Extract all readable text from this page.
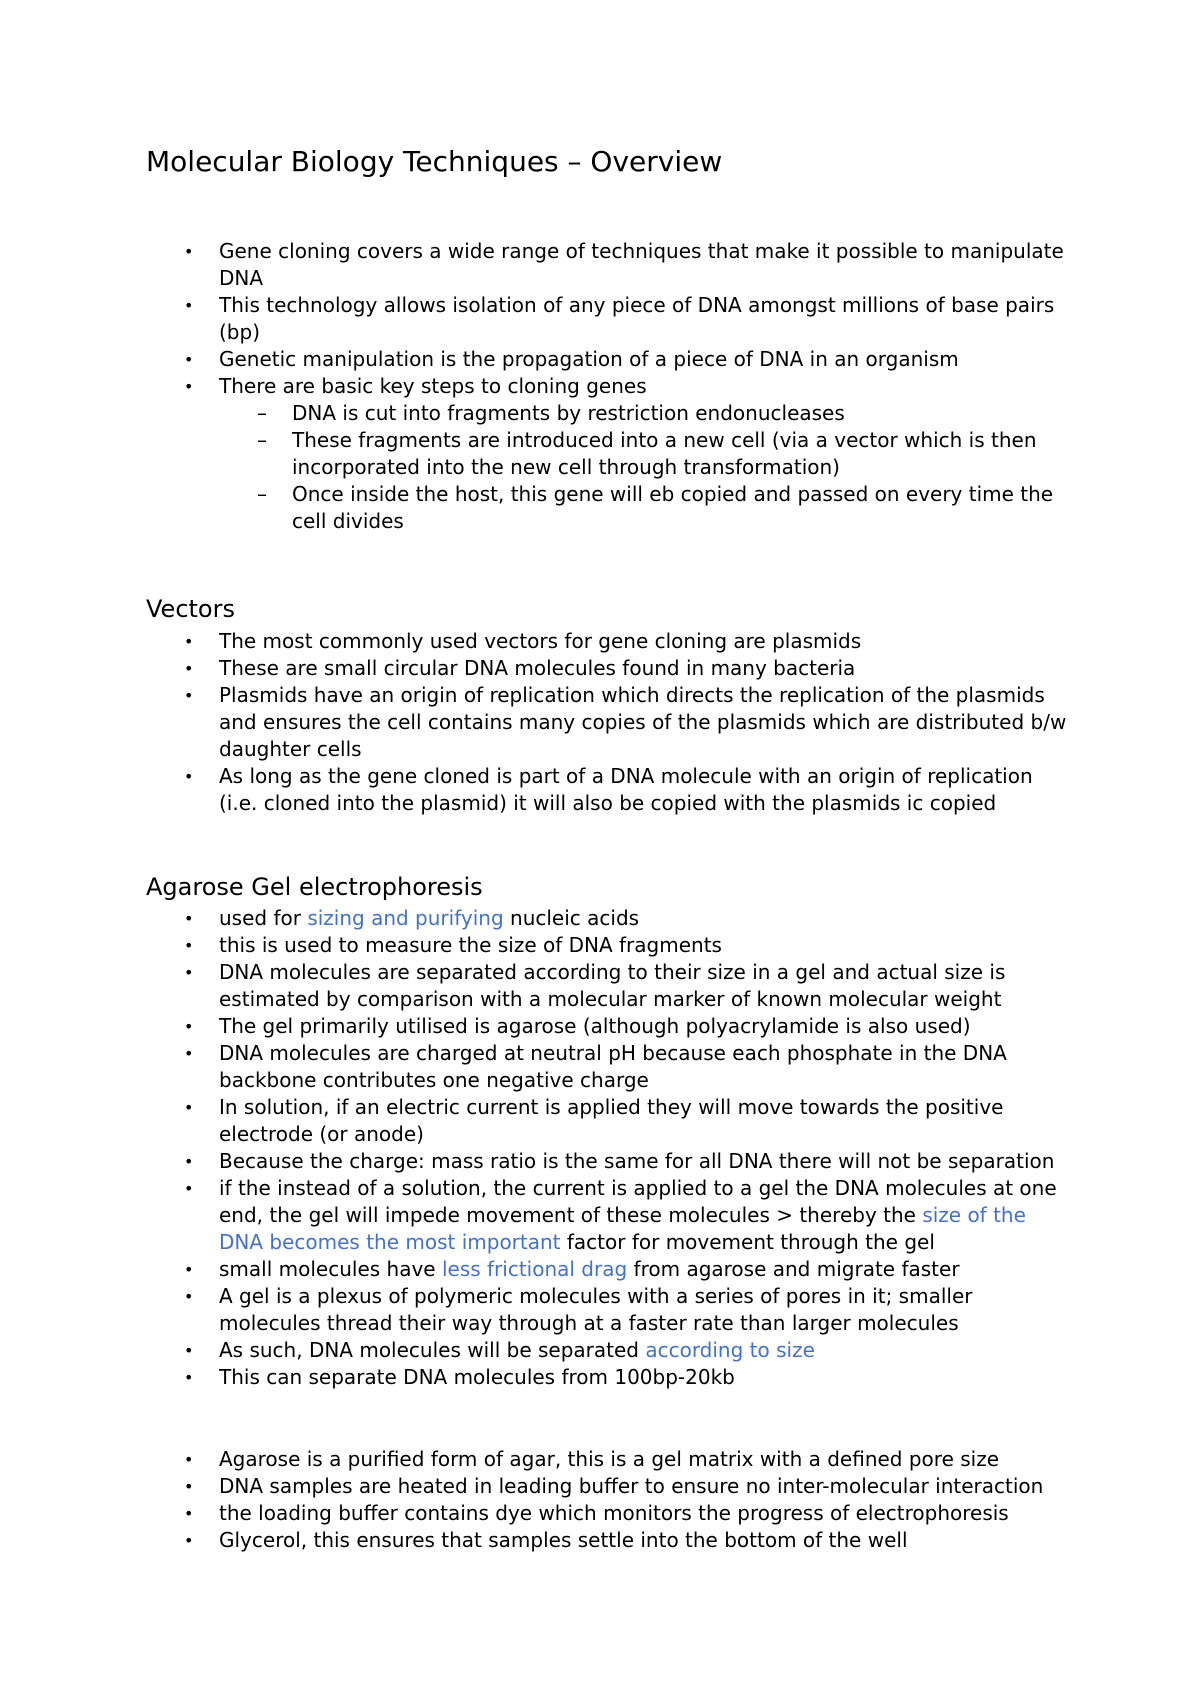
Molecular Biology Techniques – Overview
• Gene cloning covers a wide range of techniques that make it possible to manipulate DNA
• This technology allows isolation of any piece of DNA amongst millions of base pairs (bp)
• Genetic manipulation is the propagation of a piece of DNA in an organism
• There are basic key steps to cloning genes
– DNA is cut into fragments by restriction endonucleases
– These fragments are introduced into a new cell (via a vector which is then incorporated into the new cell through transformation)
– Once inside the host, this gene will eb copied and passed on every time the cell divides
Vectors
• The most commonly used vectors for gene cloning are plasmids
• These are small circular DNA molecules found in many bacteria
• Plasmids have an origin of replication which directs the replication of the plasmids and ensures the cell contains many copies of the plasmids which are distributed b/w daughter cells
• As long as the gene cloned is part of a DNA molecule with an origin of replication (i.e. cloned into the plasmid) it will also be copied with the plasmids ic copied
Agarose Gel electrophoresis
• used for sizing and purifying nucleic acids
• this is used to measure the size of DNA fragments
• DNA molecules are separated according to their size in a gel and actual size is estimated by comparison with a molecular marker of known molecular weight
• The gel primarily utilised is agarose (although polyacrylamide is also used)
• DNA molecules are charged at neutral pH because each phosphate in the DNA backbone contributes one negative charge
• In solution, if an electric current is applied they will move towards the positive electrode (or anode)
• Because the charge: mass ratio is the same for all DNA there will not be separation
• if the instead of a solution, the current is applied to a gel the DNA molecules at one end, the gel will impede movement of these molecules > thereby the size of the DNA becomes the most important factor for movement through the gel
• small molecules have less frictional drag from agarose and migrate faster
• A gel is a plexus of polymeric molecules with a series of pores in it; smaller molecules thread their way through at a faster rate than larger molecules
• As such, DNA molecules will be separated according to size
• This can separate DNA molecules from 100bp-20kb
• Agarose is a purified form of agar, this is a gel matrix with a defined pore size
• DNA samples are heated in leading buffer to ensure no inter-molecular interaction
• the loading buffer contains dye which monitors the progress of electrophoresis
• Glycerol, this ensures that samples settle into the bottom of the well
